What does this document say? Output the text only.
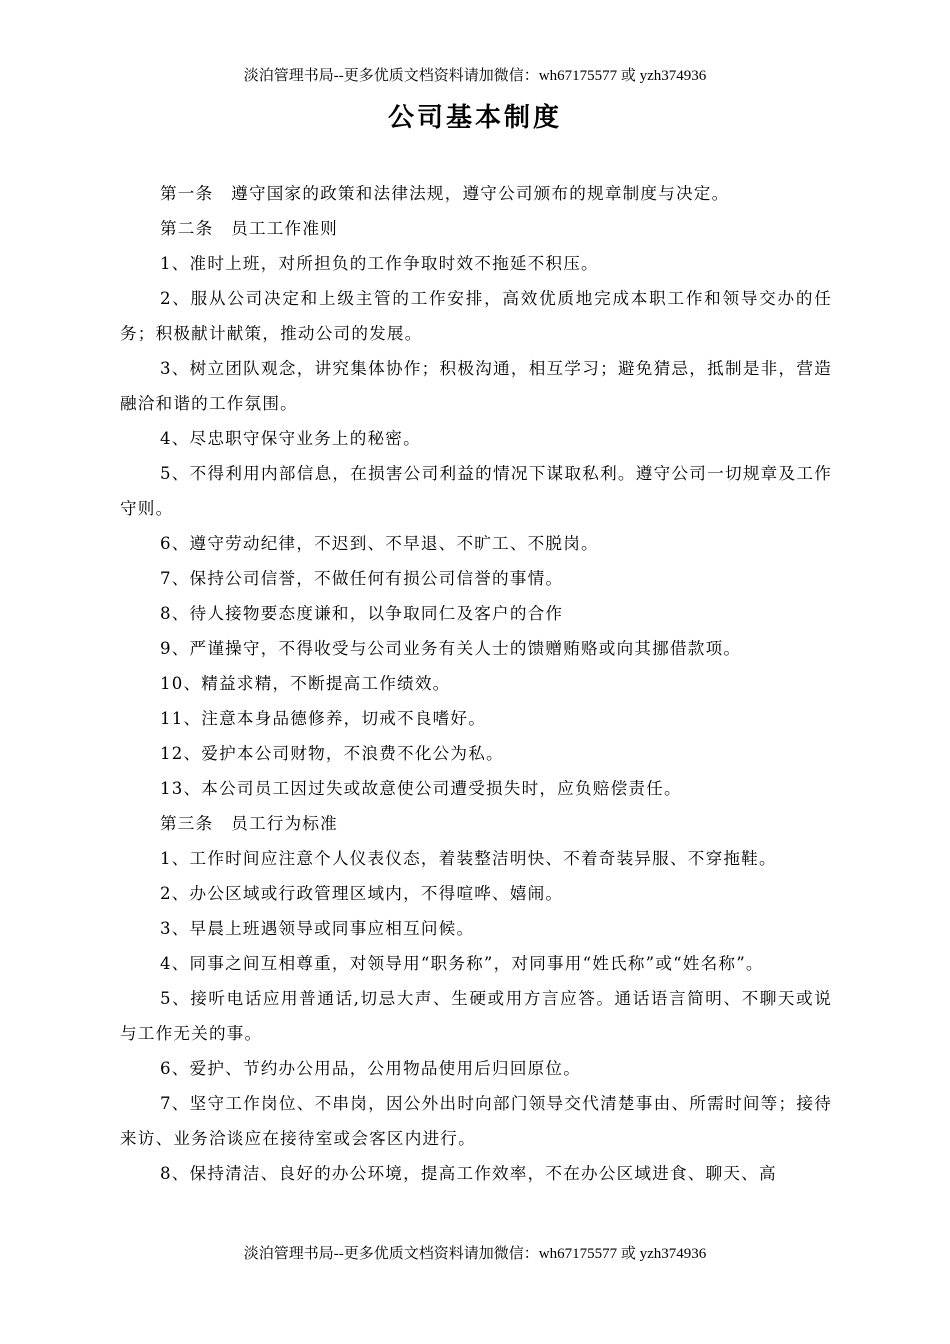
淡泊管理书局--更多优质文档资料请加微信：wh67175577 或 yzh374936
公司基本制度

第一条　遵守国家的政策和法律法规，遵守公司颁布的规章制度与决定。

第二条　员工工作准则

1、准时上班，对所担负的工作争取时效不拖延不积压。

2、服从公司决定和上级主管的工作安排，高效优质地完成本职工作和领导交办的任务；积极献计献策，推动公司的发展。

3、树立团队观念，讲究集体协作；积极沟通，相互学习；避免猜忌，抵制是非，营造融洽和谐的工作氛围。

4、尽忠职守保守业务上的秘密。

5、不得利用内部信息，在损害公司利益的情况下谋取私利。遵守公司一切规章及工作守则。

6、遵守劳动纪律，不迟到、不早退、不旷工、不脱岗。

7、保持公司信誉，不做任何有损公司信誉的事情。

8、待人接物要态度谦和，以争取同仁及客户的合作

9、严谨操守，不得收受与公司业务有关人士的馈赠贿赂或向其挪借款项。

10、精益求精，不断提高工作绩效。

11、注意本身品德修养，切戒不良嗜好。

12、爱护本公司财物，不浪费不化公为私。

13、本公司员工因过失或故意使公司遭受损失时，应负赔偿责任。

第三条　员工行为标准

1、工作时间应注意个人仪表仪态，着装整洁明快、不着奇装异服、不穿拖鞋。

2、办公区域或行政管理区域内，不得喧哗、嬉闹。

3、早晨上班遇领导或同事应相互问候。

4、同事之间互相尊重，对领导用“职务称”，对同事用“姓氏称”或“姓名称”。

5、接听电话应用普通话,切忌大声、生硬或用方言应答。通话语言简明、不聊天或说与工作无关的事。

6、爱护、节约办公用品，公用物品使用后归回原位。

7、坚守工作岗位、不串岗，因公外出时向部门领导交代清楚事由、所需时间等；接待来访、业务洽谈应在接待室或会客区内进行。

8、保持清洁、良好的办公环境，提高工作效率，不在办公区域进食、聊天、高

淡泊管理书局--更多优质文档资料请加微信：wh67175577 或 yzh374936
